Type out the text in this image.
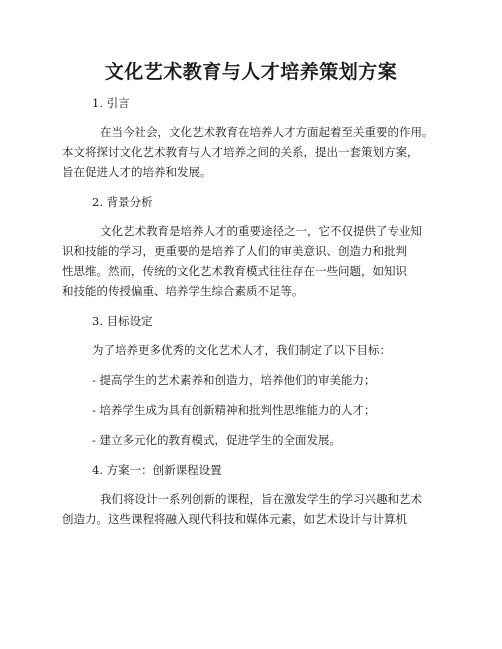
文化艺术教育与人才培养策划方案
1. 引言
在当今社会，文化艺术教育在培养人才方面起着至关重要的作用。
本文将探讨文化艺术教育与人才培养之间的关系，提出一套策划方案，
旨在促进人才的培养和发展。
2. 背景分析
文化艺术教育是培养人才的重要途径之一，它不仅提供了专业知
识和技能的学习，更重要的是培养了人们的审美意识、创造力和批判
性思维。然而，传统的文化艺术教育模式往往存在一些问题，如知识
和技能的传授偏重、培养学生综合素质不足等。
3. 目标设定
为了培养更多优秀的文化艺术人才，我们制定了以下目标：
- 提高学生的艺术素养和创造力，培养他们的审美能力；
- 培养学生成为具有创新精神和批判性思维能力的人才；
- 建立多元化的教育模式，促进学生的全面发展。
4. 方案一：创新课程设置
我们将设计一系列创新的课程，旨在激发学生的学习兴趣和艺术
创造力。这些课程将融入现代科技和媒体元素，如艺术设计与计算机
